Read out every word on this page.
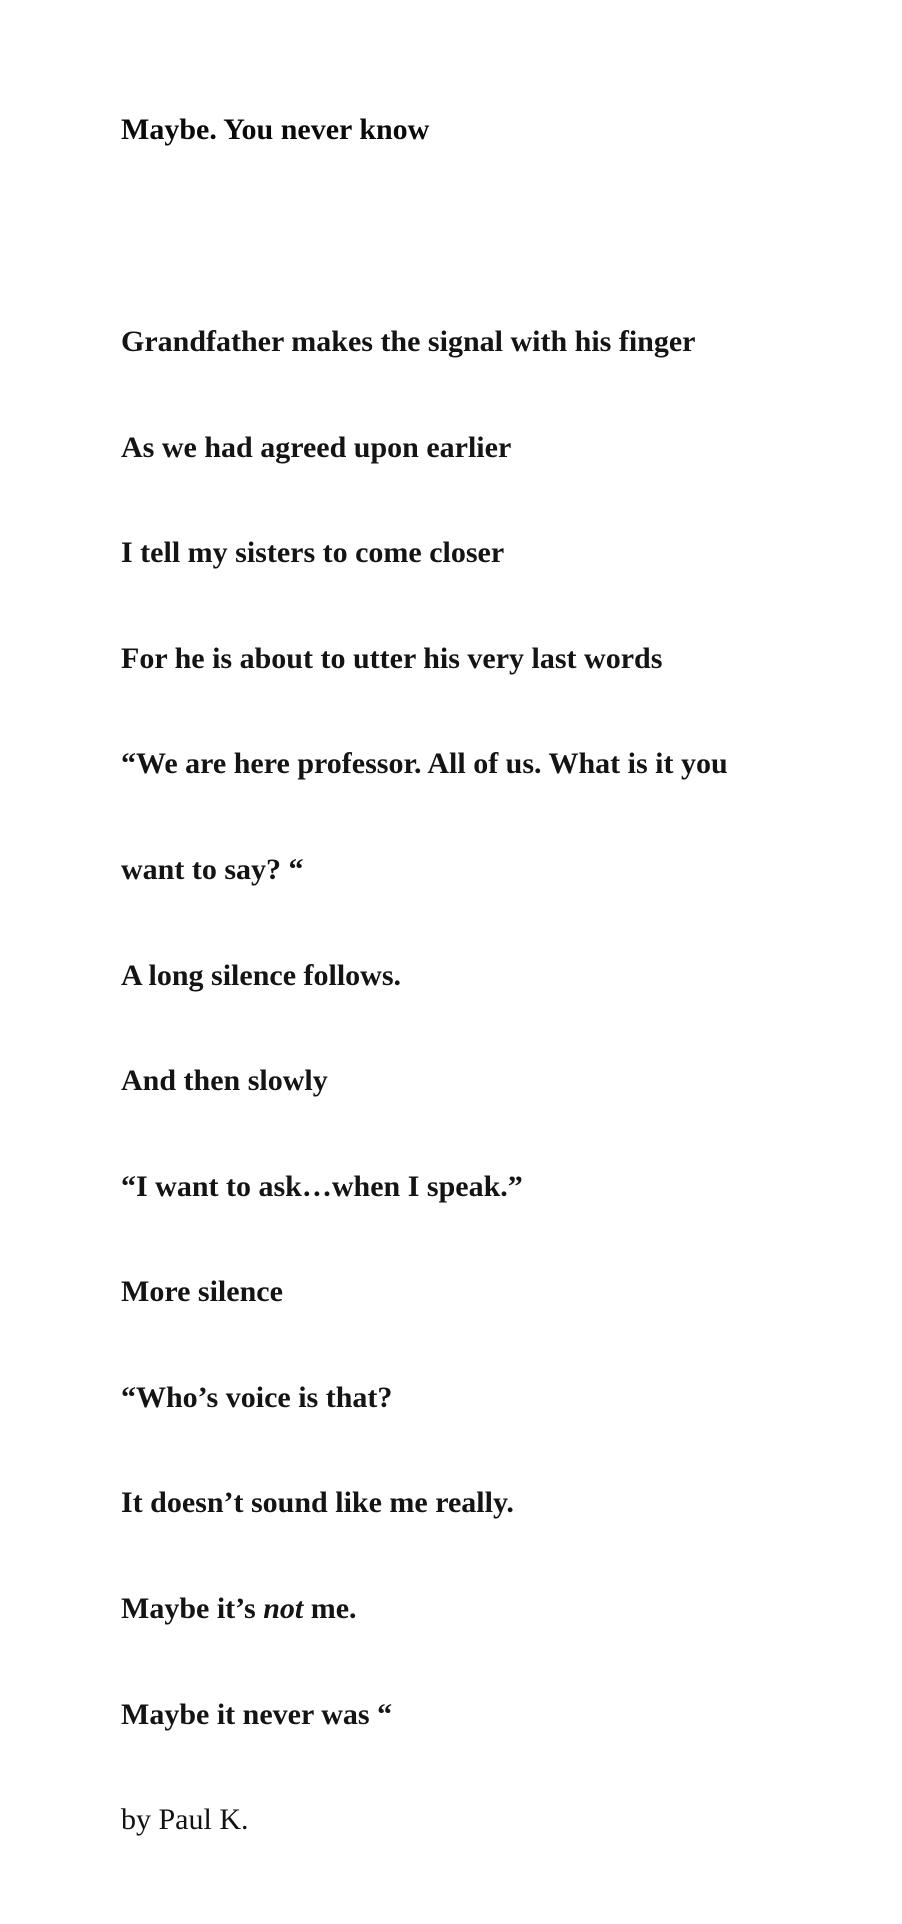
Maybe. You never know

Grandfather makes the signal with his finger

As we had agreed upon earlier

I tell my sisters to come closer

For he is about to utter his very last words

“We are here professor. All of us. What is it you

want to say? “

A long silence follows.

And then slowly

“I want to ask…when I speak.”

More silence

“Who’s voice is that?

It doesn’t sound like me really.

Maybe it’s not me.

Maybe it never was “

by Paul K.
